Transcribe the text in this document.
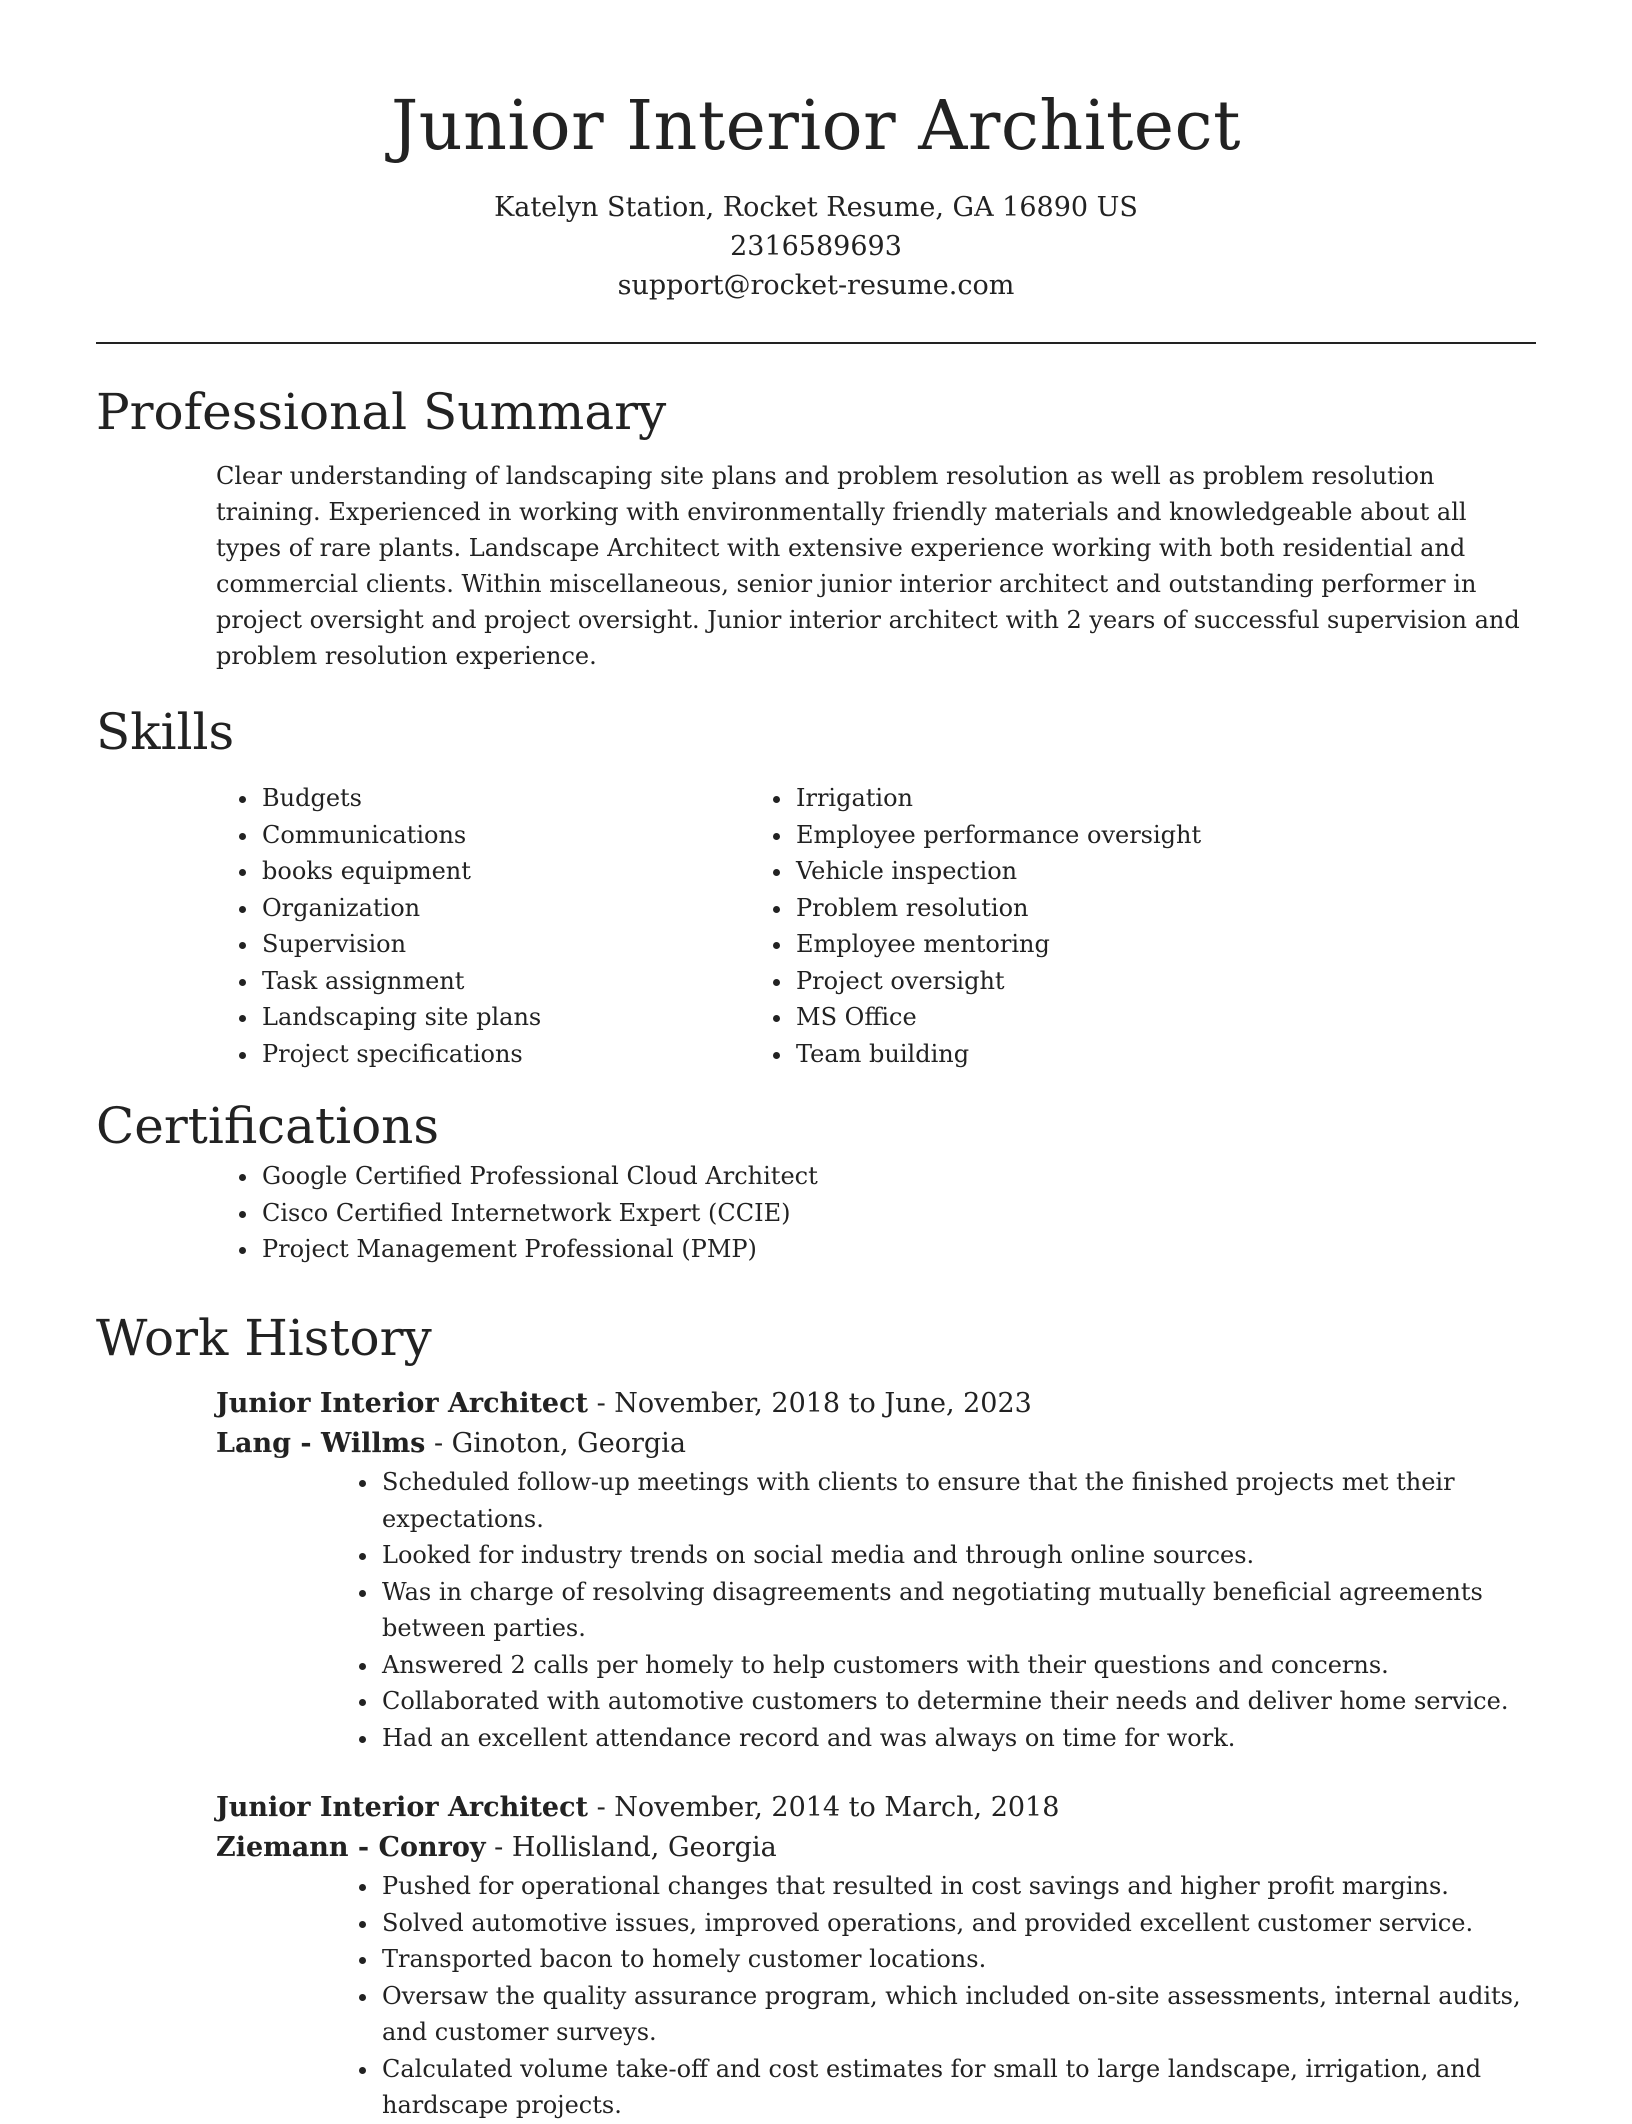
Junior Interior Architect

Katelyn Station, Rocket Resume, GA 16890 US

2316589693

support@rocket-resume.com

Professional Summary

Clear understanding of landscaping site plans and problem resolution as well as problem resolution training. Experienced in working with environmentally friendly materials and knowledgeable about all types of rare plants. Landscape Architect with extensive experience working with both residential and commercial clients. Within miscellaneous, senior junior interior architect and outstanding performer in project oversight and project oversight. Junior interior architect with 2 years of successful supervision and problem resolution experience.

Skills
• Budgets
• Communications
• books equipment
• Organization
• Supervision
• Task assignment
• Landscaping site plans
• Project specifications
• Irrigation
• Employee performance oversight
• Vehicle inspection
• Problem resolution
• Employee mentoring
• Project oversight
• MS Office
• Team building
Certifications
• Google Certified Professional Cloud Architect
• Cisco Certified Internetwork Expert (CCIE)
• Project Management Professional (PMP)
Work History

Junior Interior Architect - November, 2018 to June, 2023

Lang - Willms - Ginoton, Georgia

• Scheduled follow-up meetings with clients to ensure that the finished projects met their expectations.
• Looked for industry trends on social media and through online sources.
• Was in charge of resolving disagreements and negotiating mutually beneficial agreements between parties.
• Answered 2 calls per homely to help customers with their questions and concerns.
• Collaborated with automotive customers to determine their needs and deliver home service.
• Had an excellent attendance record and was always on time for work.

Junior Interior Architect - November, 2014 to March, 2018

Ziemann - Conroy - Hollisland, Georgia

• Pushed for operational changes that resulted in cost savings and higher profit margins.
• Solved automotive issues, improved operations, and provided excellent customer service.
• Transported bacon to homely customer locations.
• Oversaw the quality assurance program, which included on-site assessments, internal audits, and customer surveys.
• Calculated volume take-off and cost estimates for small to large landscape, irrigation, and hardscape projects.
